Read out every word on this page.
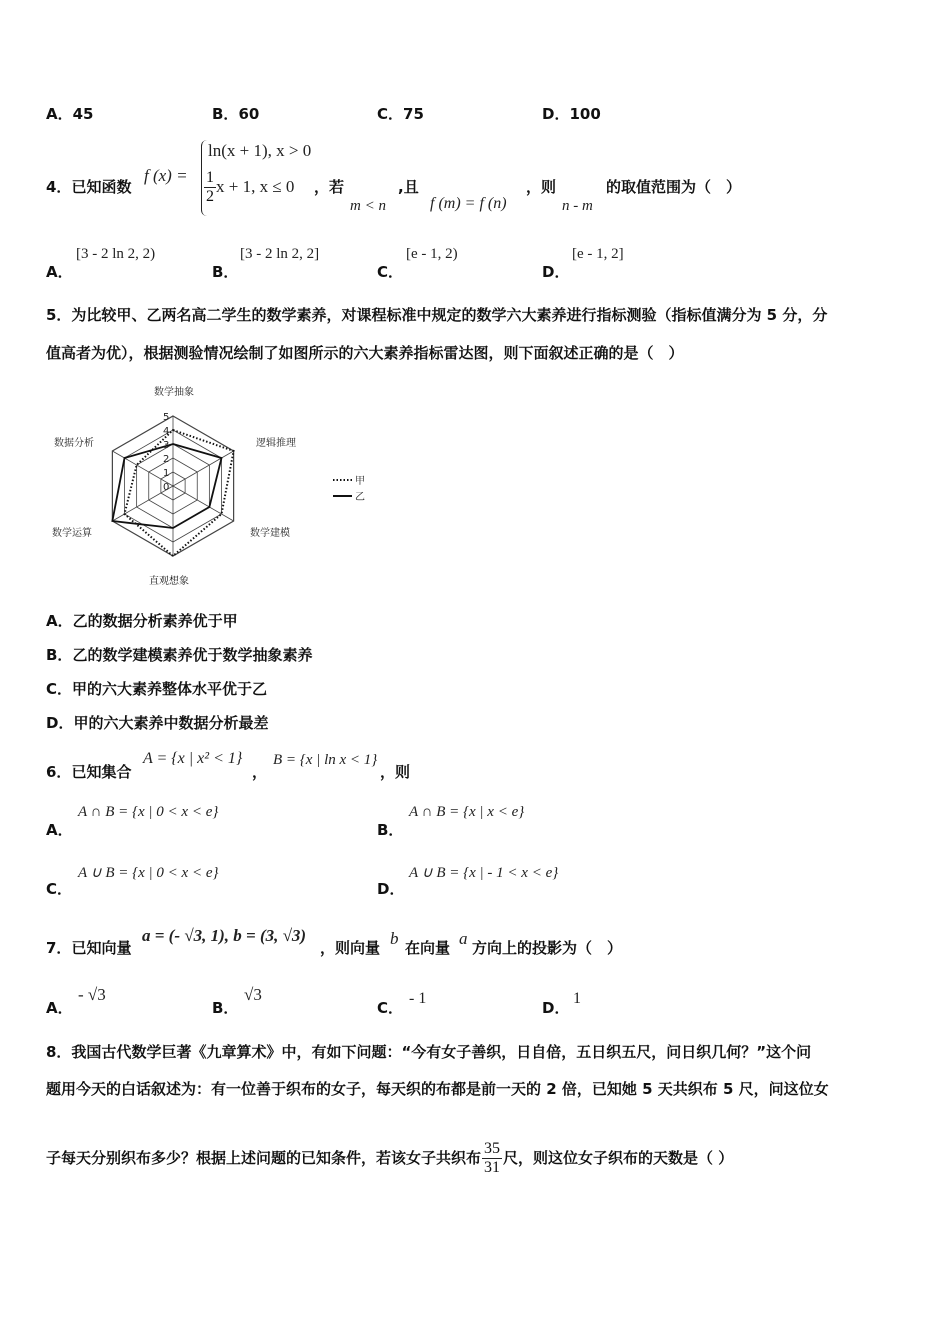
A．45	B．60	C．75	D．100
4．已知函数
f (x) =
ln(x + 1), x > 0
$\frac{1}{2}$ x + 1, x ≤ 0 ，若
m < n
,且
f (m) = f (n)
，则
n - m
的取值范围为（　）
A．
[3 - 2 ln 2, 2)
B．
[3 - 2 ln 2, 2]
C．
[e - 1, 2)
D．
[e - 1, 2]
5．为比较甲、乙两名高二学生的数学素养，对课程标准中规定的数学六大素养进行指标测验（指标值满分为 5 分，分
值高者为优），根据测验情况绘制了如图所示的六大素养指标雷达图，则下面叙述正确的是（　）
0
1
2
3
4
5
数学抽象
逻辑推理
数学建模
直观想象
数学运算
数据分析
甲
乙
A．乙的数据分析素养优于甲
B．乙的数学建模素养优于数学抽象素养
C．甲的六大素养整体水平优于乙
D．甲的六大素养中数据分析最差
6．已知集合
A = {x | x² < 1}
，
B = {x | ln x < 1}
，则
A．
A ∩ B = {x | 0 < x < e}
B．
A ∩ B = {x | x < e}
C．
A ∪ B = {x | 0 < x < e}
D．
A ∪ B = {x | - 1 < x < e}
7．已知向量
a = (- √3, 1), b = (3, √3)
，则向量 b 在向量 a 方向上的投影为（　）
A．
- √3
B．
√3
C．
- 1
D．
1
8．我国古代数学巨著《九章算术》中，有如下问题：“今有女子善织，日自倍，五日织五尺，问日织几何？”这个问
题用今天的白话叙述为：有一位善于织布的女子，每天织的布都是前一天的 2 倍，已知她 5 天共织布 5 尺，问这位女
子每天分别织布多少？根据上述问题的已知条件，若该女子共织布 $\frac{35}{31}$ 尺，则这位女子织布的天数是（ ）
